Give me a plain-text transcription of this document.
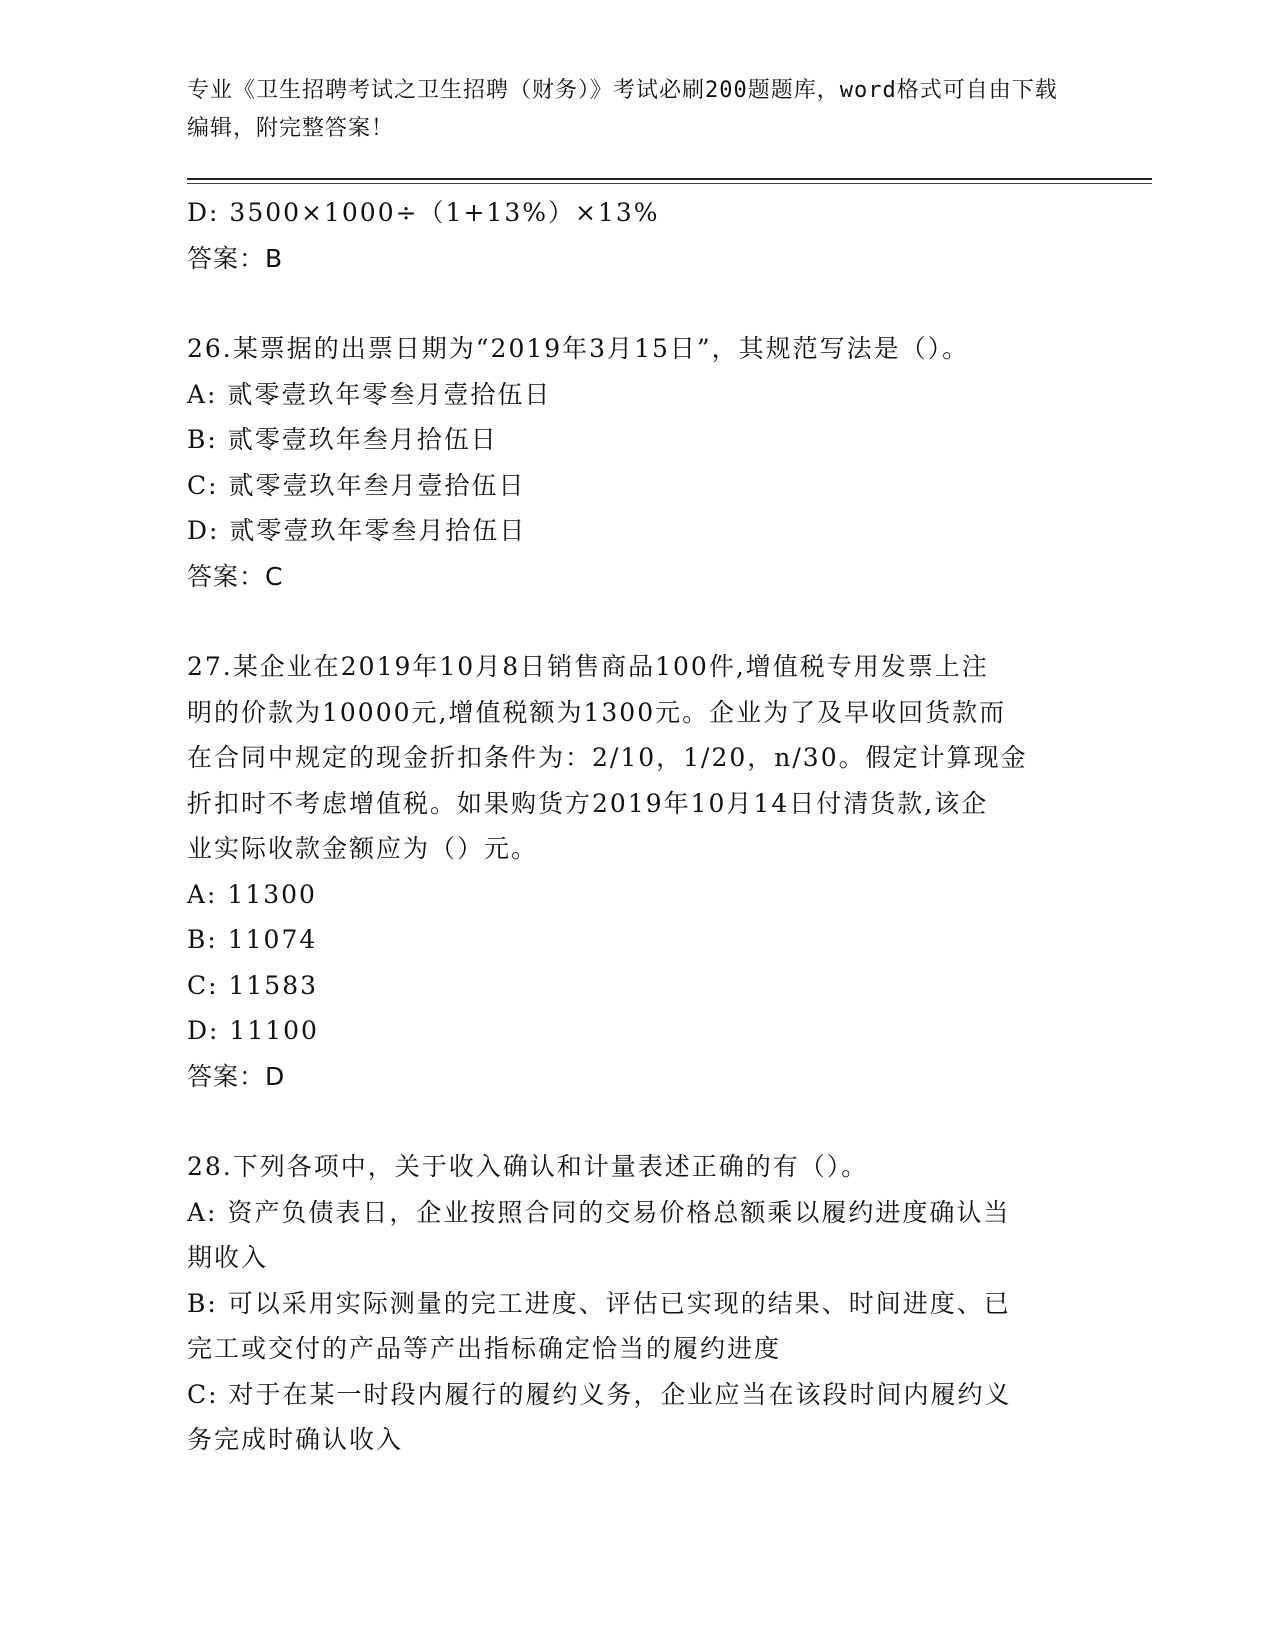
专业《卫生招聘考试之卫生招聘（财务）》考试必刷200题题库，word格式可自由下载编辑，附完整答案！
D: 3500×1000÷（1+13%）×13%
答案：B
26.某票据的出票日期为“2019年3月15日”，其规范写法是（）。
A: 贰零壹玖年零叁月壹拾伍日
B: 贰零壹玖年叁月拾伍日
C: 贰零壹玖年叁月壹拾伍日
D: 贰零壹玖年零叁月拾伍日
答案：C
27.某企业在2019年10月8日销售商品100件,增值税专用发票上注
明的价款为10000元,增值税额为1300元。企业为了及早收回货款而
在合同中规定的现金折扣条件为：2/10，1/20，n/30。假定计算现金
折扣时不考虑增值税。如果购货方2019年10月14日付清货款,该企
业实际收款金额应为（）元。
A: 11300
B: 11074
C: 11583
D: 11100
答案：D
28.下列各项中，关于收入确认和计量表述正确的有（）。
A: 资产负债表日，企业按照合同的交易价格总额乘以履约进度确认当
期收入
B: 可以采用实际测量的完工进度、评估已实现的结果、时间进度、已
完工或交付的产品等产出指标确定恰当的履约进度
C: 对于在某一时段内履行的履约义务，企业应当在该段时间内履约义
务完成时确认收入
